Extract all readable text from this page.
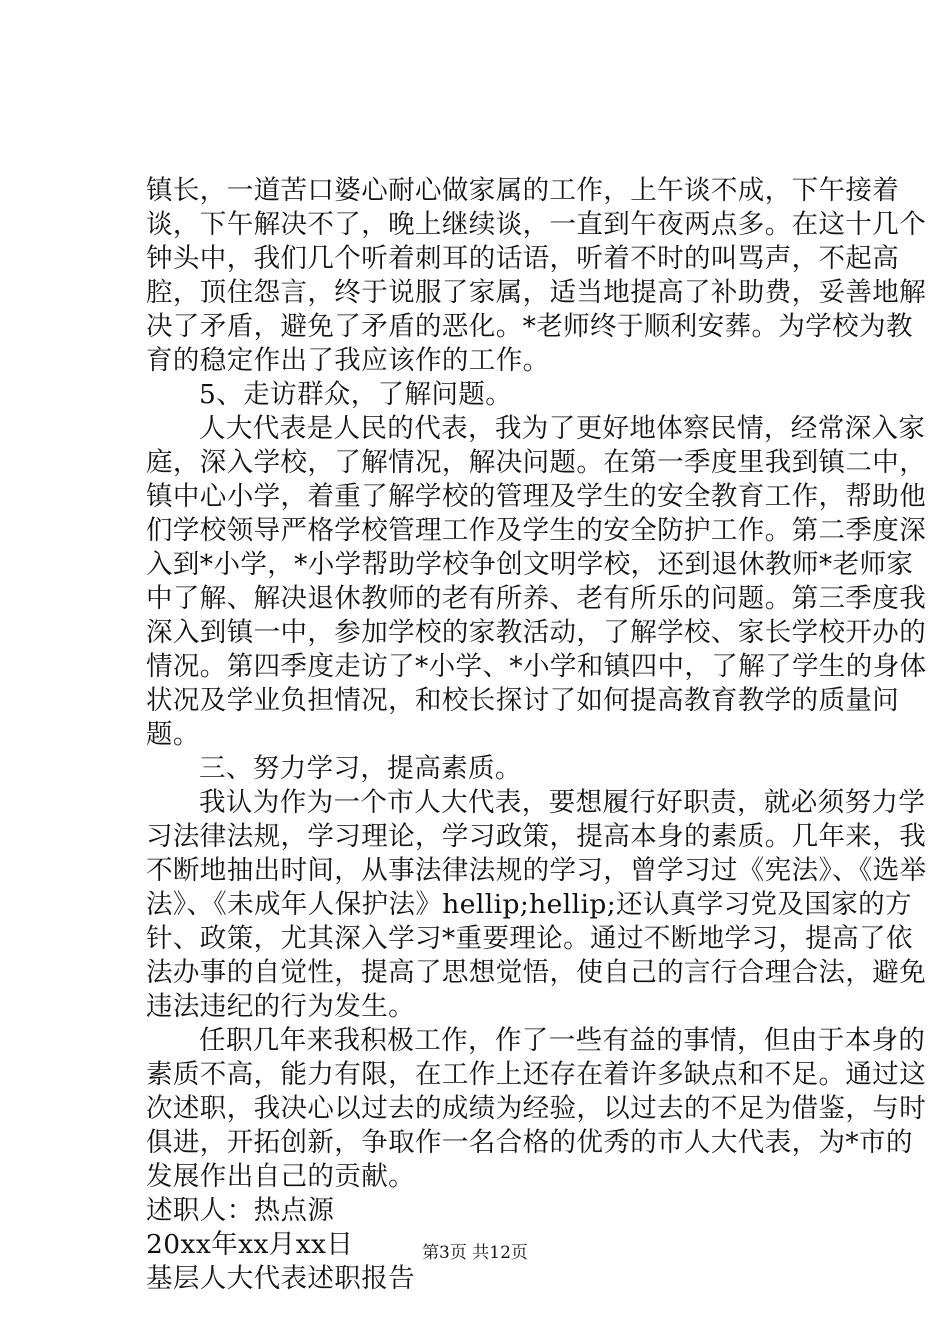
镇长，一道苦口婆心耐心做家属的工作，上午谈不成，下午接着谈，下午解决不了，晚上继续谈，一直到午夜两点多。在这十几个钟头中，我们几个听着刺耳的话语，听着不时的叫骂声，不起高腔，顶住怨言，终于说服了家属，适当地提高了补助费，妥善地解决了矛盾，避免了矛盾的恶化。*老师终于顺利安葬。为学校为教育的稳定作出了我应该作的工作。

5、走访群众，了解问题。

人大代表是人民的代表，我为了更好地体察民情，经常深入家庭，深入学校，了解情况，解决问题。在第一季度里我到镇二中，镇中心小学，着重了解学校的管理及学生的安全教育工作，帮助他们学校领导严格学校管理工作及学生的安全防护工作。第二季度深入到*小学，*小学帮助学校争创文明学校，还到退休教师*老师家中了解、解决退休教师的老有所养、老有所乐的问题。第三季度我深入到镇一中，参加学校的家教活动，了解学校、家长学校开办的情况。第四季度走访了*小学、*小学和镇四中，了解了学生的身体状况及学业负担情况，和校长探讨了如何提高教育教学的质量问题。

三、努力学习，提高素质。

我认为作为一个市人大代表，要想履行好职责，就必须努力学习法律法规，学习理论，学习政策，提高本身的素质。几年来，我不断地抽出时间，从事法律法规的学习，曾学习过《宪法》、《选举法》、《未成年人保护法》hellip;hellip;还认真学习党及国家的方针、政策，尤其深入学习*重要理论。通过不断地学习，提高了依法办事的自觉性，提高了思想觉悟，使自己的言行合理合法，避免违法违纪的行为发生。

任职几年来我积极工作，作了一些有益的事情，但由于本身的素质不高，能力有限，在工作上还存在着许多缺点和不足。通过这次述职，我决心以过去的成绩为经验，以过去的不足为借鉴，与时俱进，开拓创新，争取作一名合格的优秀的市人大代表，为*市的发展作出自己的贡献。

述职人：热点源

20xx年xx月xx日

基层人大代表述职报告

第3页 共12页
